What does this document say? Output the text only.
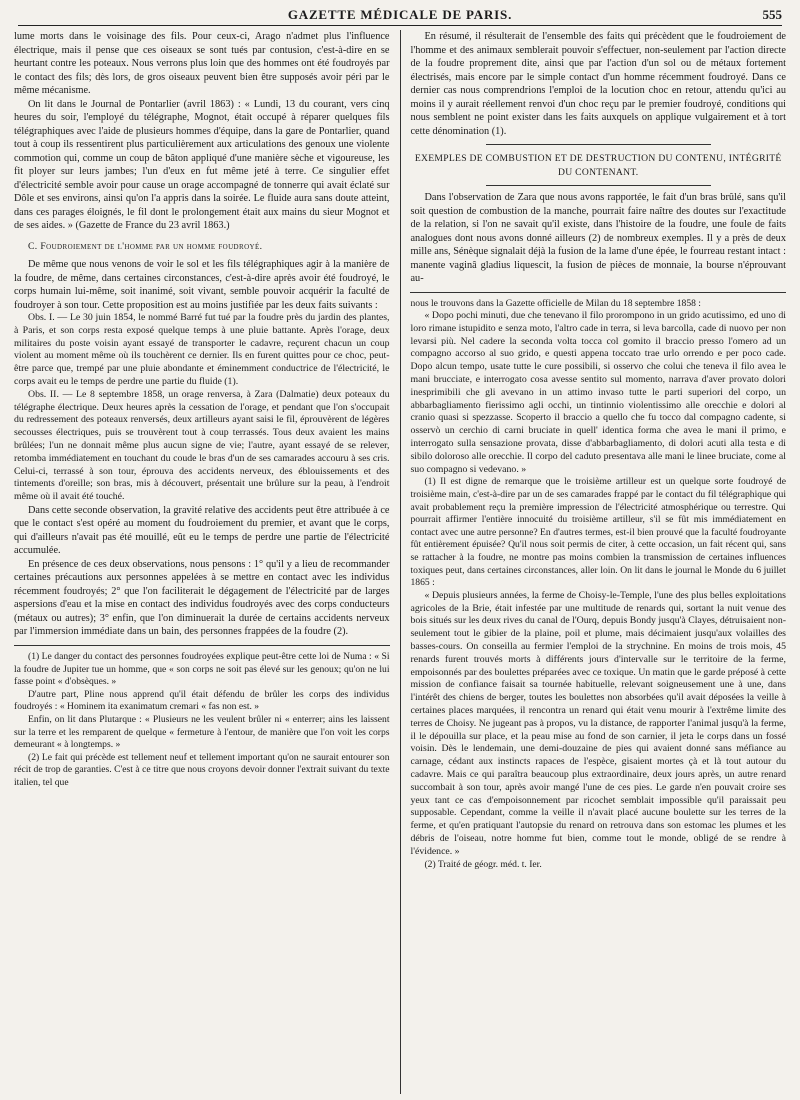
GAZETTE MÉDICALE DE PARIS.	555

lume morts dans le voisinage des fils. Pour ceux-ci, Arago n'admet plus l'influence électrique, mais il pense que ces oiseaux se sont tués par contusion, c'est-à-dire en se heurtant contre les poteaux. Nous verrons plus loin que des hommes ont été foudroyés par le contact des fils; dès lors, de gros oiseaux peuvent bien être supposés avoir péri par le même mécanisme.

On lit dans le Journal de Pontarlier (avril 1863) : « Lundi, 13 du courant, vers cinq heures du soir, l'employé du télégraphe, Mognot, était occupé à réparer quelques fils télégraphiques avec l'aide de plusieurs hommes d'équipe, dans la gare de Pontarlier, quand tout à coup ils ressentirent plus particulièrement aux articulations des genoux une violente commotion qui, comme un coup de bâton appliqué d'une manière sèche et vigoureuse, les fit ployer sur leurs jambes; l'un d'eux en fut même jeté à terre. Ce singulier effet d'électricité semble avoir pour cause un orage accompagné de tonnerre qui avait éclaté sur Dôle et ses environs, ainsi qu'on l'a appris dans la soirée. Le fluide aura sans doute atteint, dans ces parages éloignés, le fil dont le prolongement était aux mains du sieur Mognot et de ses aides. » (Gazette de France du 23 avril 1863.)

C. Foudroiement de l'homme par un homme foudroyé.

De même que nous venons de voir le sol et les fils télégraphiques agir à la manière de la foudre, de même, dans certaines circonstances, c'est-à-dire après avoir été foudroyé, le corps humain lui-même, soit inanimé, soit vivant, semble pouvoir acquérir la faculté de foudroyer à son tour. Cette proposition est au moins justifiée par les deux faits suivants :

Obs. I. — Le 30 juin 1854, le nommé Barré fut tué par la foudre près du jardin des plantes, à Paris, et son corps resta exposé quelque temps à une pluie battante. Après l'orage, deux militaires du poste voisin ayant essayé de transporter le cadavre, reçurent chacun un coup violent au moment même où ils touchèrent ce dernier. Ils en furent quittes pour ce choc, peut-être parce que, trempé par une pluie abondante et éminemment conductrice de l'électricité, le corps avait eu le temps de perdre une partie du fluide (1).

Obs. II. — Le 8 septembre 1858, un orage renversa, à Zara (Dalmatie) deux poteaux du télégraphe électrique. Deux heures après la cessation de l'orage, et pendant que l'on s'occupait du redressement des poteaux renversés, deux artilleurs ayant saisi le fil, éprouvèrent de légères secousses électriques, puis se trouvèrent tout à coup terrassés. Tous deux avaient les mains brûlées; l'un ne donnait même plus aucun signe de vie; l'autre, ayant essayé de se relever, retomba immédiatement en touchant du coude le bras d'un de ses camarades accouru à ses cris. Celui-ci, terrassé à son tour, éprouva des accidents nerveux, des éblouissements et des tintements d'oreille; son bras, mis à découvert, présentait une brûlure sur la peau, à l'endroit même où il avait été touché.

Dans cette seconde observation, la gravité relative des accidents peut être attribuée à ce que le contact s'est opéré au moment du foudroiement du premier, et avant que le corps, qui d'ailleurs n'avait pas été mouillé, eût eu le temps de perdre une partie de l'électricité accumulée.

En présence de ces deux observations, nous pensons : 1° qu'il y a lieu de recommander certaines précautions aux personnes appelées à se mettre en contact avec les individus récemment foudroyés; 2° que l'on faciliterait le dégagement de l'électricité par de larges aspersions d'eau et la mise en contact des individus foudroyés avec des corps conducteurs (métaux ou autres); 3° enfin, que l'on diminuerait la durée de certains accidents nerveux par l'immersion immédiate dans un bain, des personnes frappées de la foudre (2).

(1) Le danger du contact des personnes foudroyées explique peut-être cette loi de Numa : « Si la foudre de Jupiter tue un homme, que « son corps ne soit pas élevé sur les genoux; qu'on ne lui fasse point « d'obsèques. »

D'autre part, Pline nous apprend qu'il était défendu de brûler les corps des individus foudroyés : « Hominem ita exanimatum cremari « fas non est. »

Enfin, on lit dans Plutarque : « Plusieurs ne les veulent brûler ni « enterrer; ains les laissent sur la terre et les remparent de quelque « fermeture à l'entour, de manière que l'on voit les corps demeurant « à longtemps. »

(2) Le fait qui précède est tellement neuf et tellement important qu'on ne saurait entourer son récit de trop de garanties. C'est à ce titre que nous croyons devoir donner l'extrait suivant du texte italien, tel que

En résumé, il résulterait de l'ensemble des faits qui précèdent que le foudroiement de l'homme et des animaux semblerait pouvoir s'effectuer, non-seulement par l'action directe de la foudre proprement dite, ainsi que par l'action d'un sol ou de métaux fortement électrisés, mais encore par le simple contact d'un homme récemment foudroyé. Dans ce dernier cas nous comprendrions l'emploi de la locution choc en retour, attendu qu'ici au moins il y aurait réellement renvoi d'un choc reçu par le premier foudroyé, conditions qui nous semblent ne point exister dans les faits auxquels on applique vulgairement et à tort cette dénomination (1).

EXEMPLES DE COMBUSTION ET DE DESTRUCTION DU CONTENU, INTÉGRITÉ DU CONTENANT.

Dans l'observation de Zara que nous avons rapportée, le fait d'un bras brûlé, sans qu'il soit question de combustion de la manche, pourrait faire naître des doutes sur l'exactitude de la relation, si l'on ne savait qu'il existe, dans l'histoire de la foudre, une foule de faits analogues dont nous avons donné ailleurs (2) de nombreux exemples. Il y a près de deux mille ans, Sénèque signalait déjà la fusion de la lame d'une épée, le fourreau restant intact : manente vaginâ gladius liquescit, la fusion de pièces de monnaie, la bourse n'éprouvant au-

nous le trouvons dans la Gazette officielle de Milan du 18 septembre 1858 :

« Dopo pochi minuti, due che tenevano il filo prorompono in un grido acutissimo, ed uno di loro rimane istupidito e senza moto, l'altro cade in terra, si leva barcolla, cade di nuovo per non levarsi più. Nel cadere la seconda volta tocca col gomito il braccio presso l'omero ad un compagno accorso al suo grido, e questi appena toccato trae urlo orrendo e per poco cade. Dopo alcun tempo, usate tutte le cure possibili, si osservo che colui che teneva il filo avea le mani brucciate, e interrogato cosa avesse sentito sul momento, narrava d'aver provato dolori inesprimibili che gli avevano in un attimo invaso tutte le parti superiori del corpo, un abbarbagliamento fierissimo agli occhi, un tintinnio violentissimo alle orecchie e dolori al cranio quasi si spezzasse. Scoperto il braccio a quello che fu tocco dal compagno cadente, si osservò un cerchio di carni bruciate in quell' identica forma che avea le mani il primo, e interrogato sulla sensazione provata, disse d'abbarbagliamento, di dolori acuti alla testa e di sibilo doloroso alle orecchie. Il corpo del caduto presentava alle mani le linee bruciate, come al suo compagno si vedevano. »

(1) Il est digne de remarque que le troisième artilleur est un quelque sorte foudroyé de troisième main, c'est-à-dire par un de ses camarades frappé par le contact du fil télégraphique qui avait probablement reçu la première impression de l'électricité atmosphérique ou terrestre. Qui pourrait affirmer l'entière innocuité du troisième artilleur, s'il se fût mis immédiatement en contact avec une autre personne? En d'autres termes, est-il bien prouvé que la faculté foudroyante fût entièrement épuisée? Qu'il nous soit permis de citer, à cette occasion, un fait récent qui, sans se rattacher à la foudre, ne montre pas moins combien la transmission de certaines influences toxiques peut, dans certaines circonstances, aller loin. On lit dans le journal le Monde du 6 juillet 1865 :

« Depuis plusieurs années, la ferme de Choisy-le-Temple, l'une des plus belles exploitations agricoles de la Brie, était infestée par une multitude de renards qui, sortant la nuit venue des bois situés sur les deux rives du canal de l'Ourq, depuis Bondy jusqu'à Clayes, détruisaient non-seulement tout le gibier de la plaine, poil et plume, mais décimaient jusqu'aux volailles des basses-cours. On conseilla au fermier l'emploi de la strychnine. En moins de trois mois, 45 renards furent trouvés morts à différents jours d'intervalle sur le territoire de la ferme, empoisonnés par des boulettes préparées avec ce toxique. Un matin que le garde préposé à cette mission de confiance faisait sa tournée habituelle, relevant soigneusement une à une, dans l'intérêt des chiens de berger, toutes les boulettes non absorbées qu'il avait déposées la veille à certaines places marquées, il rencontra un renard qui était venu mourir à l'extrême limite des terres de Choisy. Ne jugeant pas à propos, vu la distance, de rapporter l'animal jusqu'à la ferme, il le dépouilla sur place, et la peau mise au fond de son carnier, il jeta le corps dans un fossé voisin. Dès le lendemain, une demi-douzaine de pies qui avaient donné sans méfiance au carnage, cédant aux instincts rapaces de l'espèce, gisaient mortes çà et là tout autour du cadavre. Mais ce qui paraîtra beaucoup plus extraordinaire, deux jours après, un autre renard succombait à son tour, après avoir mangé l'une de ces pies. Le garde n'en pouvait croire ses yeux tant ce cas d'empoisonnement par ricochet semblait impossible qu'il paraissait peu supposable. Cependant, comme la veille il n'avait placé aucune boulette sur les terres de la ferme, et qu'en pratiquant l'autopsie du renard on retrouva dans son estomac les plumes et les débris de l'oiseau, notre homme fut bien, comme tout le monde, obligé de se rendre à l'évidence. »

(2) Traité de géogr. méd. t. Ier.
